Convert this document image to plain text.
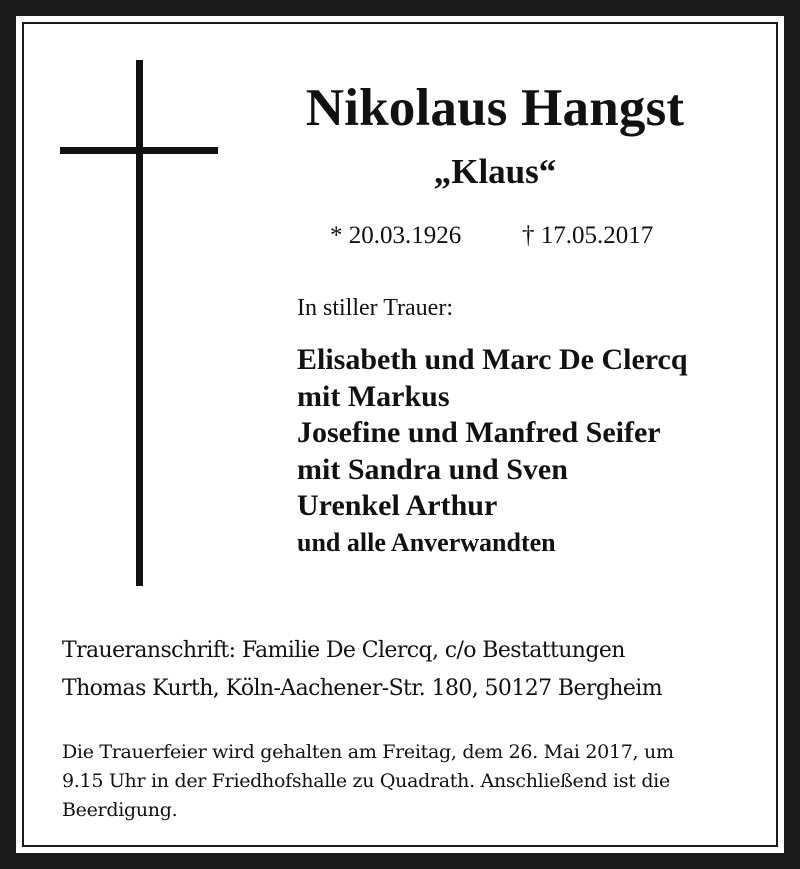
Nikolaus Hangst
„Klaus“
* 20.03.1926 † 17.05.2017
In stiller Trauer:
Elisabeth und Marc De Clercq
mit Markus
Josefine und Manfred Seifer
mit Sandra und Sven
Urenkel Arthur
und alle Anverwandten
Traueranschrift: Familie De Clercq, c/o Bestattungen
Thomas Kurth, Köln-Aachener-Str. 180, 50127 Bergheim
Die Trauerfeier wird gehalten am Freitag, dem 26. Mai 2017, um
9.15 Uhr in der Friedhofshalle zu Quadrath. Anschließend ist die
Beerdigung.
